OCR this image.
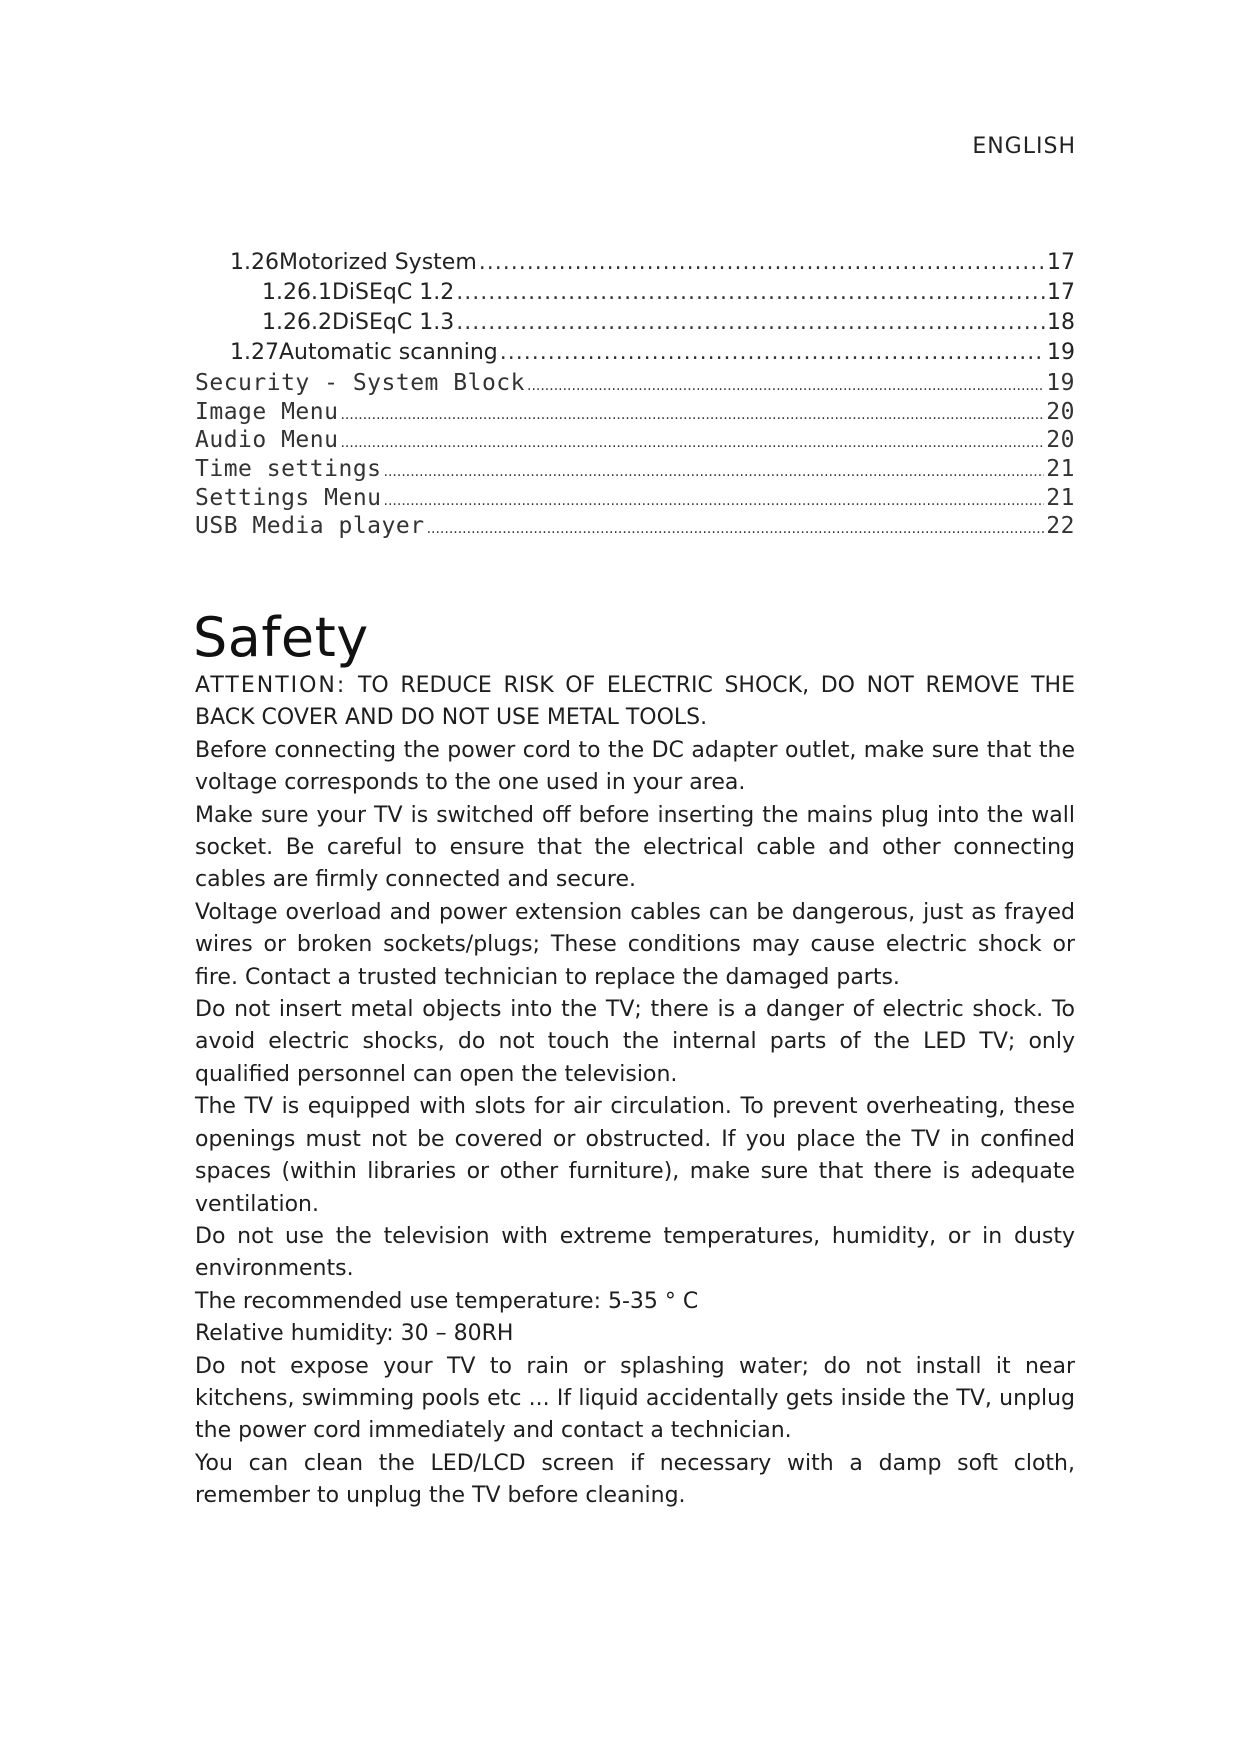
ENGLISH
1.26 Motorized System .....	17
1.26.1 DiSEqC 1.2 .....	17
1.26.2 DiSEqC 1.3 .....	18
1.27 Automatic scanning .....	19
Security - System Block .....	19
Image Menu .....	20
Audio Menu .....	20
Time settings .....	21
Settings Menu .....	21
USB Media player .....	22
Safety

ATTENTION: TO REDUCE RISK OF ELECTRIC SHOCK, DO NOT REMOVE THE BACK COVER AND DO NOT USE METAL TOOLS.

Before connecting the power cord to the DC adapter outlet, make sure that the voltage corresponds to the one used in your area.

Make sure your TV is switched off before inserting the mains plug into the wall socket. Be careful to ensure that the electrical cable and other connecting cables are firmly connected and secure.

Voltage overload and power extension cables can be dangerous, just as frayed wires or broken sockets/plugs; These conditions may cause electric shock or fire. Contact a trusted technician to replace the damaged parts.

Do not insert metal objects into the TV; there is a danger of electric shock. To avoid electric shocks, do not touch the internal parts of the LED TV; only qualified personnel can open the television.

The TV is equipped with slots for air circulation. To prevent overheating, these openings must not be covered or obstructed. If you place the TV in confined spaces (within libraries or other furniture), make sure that there is adequate ventilation.

Do not use the television with extreme temperatures, humidity, or in dusty environments.

The recommended use temperature: 5-35 ° C

Relative humidity: 30 – 80RH

Do not expose your TV to rain or splashing water; do not install it near kitchens, swimming pools etc ... If liquid accidentally gets inside the TV, unplug the power cord immediately and contact a technician.

You can clean the LED/LCD screen if necessary with a damp soft cloth, remember to unplug the TV before cleaning.
